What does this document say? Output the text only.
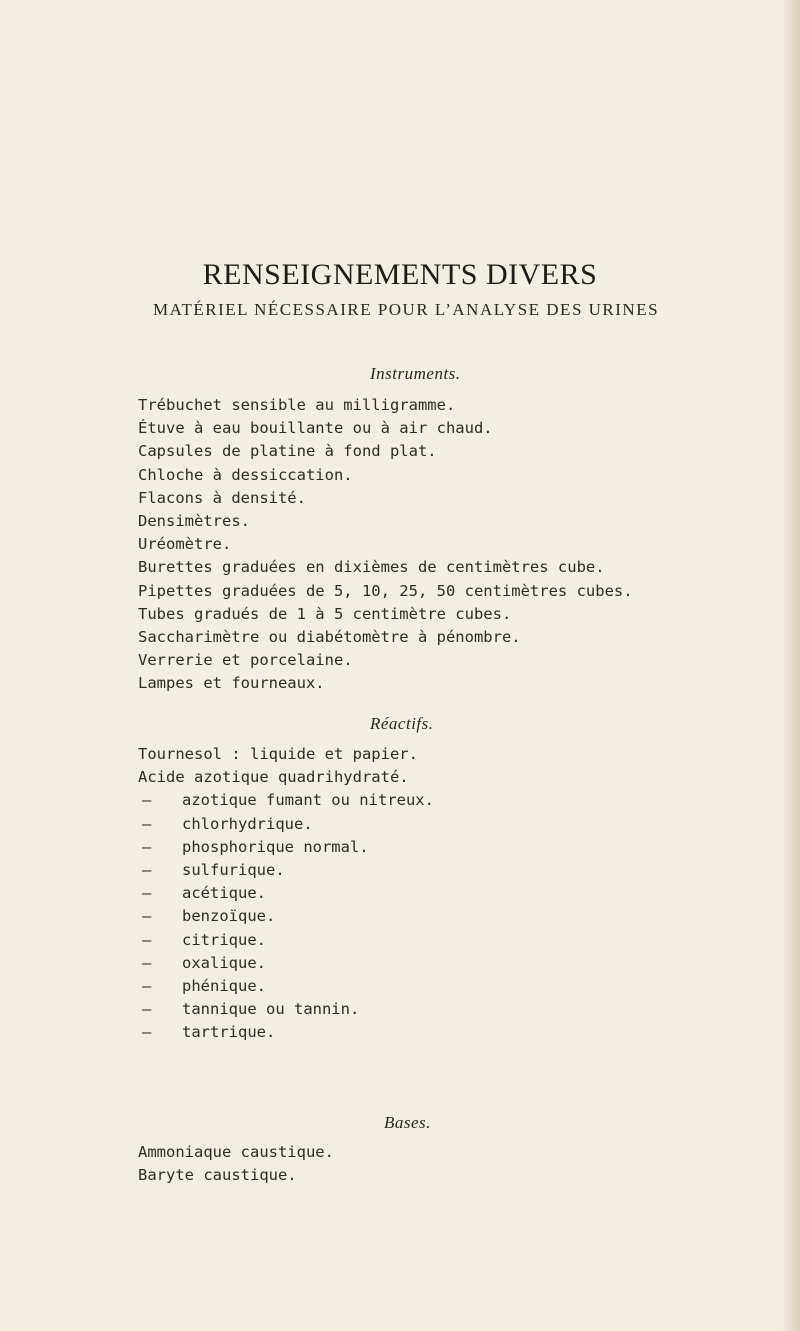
RENSEIGNEMENTS DIVERS
MATÉRIEL NÉCESSAIRE POUR L’ANALYSE DES URINES
Instruments.
Trébuchet sensible au milligramme.
Étuve à eau bouillante ou à air chaud.
Capsules de platine à fond plat.
Chloche à dessiccation.
Flacons à densité.
Densimètres.
Uréomètre.
Burettes graduées en dixièmes de centimètres cube.
Pipettes graduées de 5, 10, 25, 50 centimètres cubes.
Tubes gradués de 1 à 5 centimètre cubes.
Saccharimètre ou diabétomètre à pénombre.
Verrerie et porcelaine.
Lampes et fourneaux.
Réactifs.
Tournesol : liquide et papier.
Acide azotique quadrihydraté.
— azotique fumant ou nitreux.
— chlorhydrique.
— phosphorique normal.
— sulfurique.
— acétique.
— benzoïque.
— citrique.
— oxalique.
— phénique.
— tannique ou tannin.
— tartrique.
Bases.
Ammoniaque caustique.
Baryte caustique.
